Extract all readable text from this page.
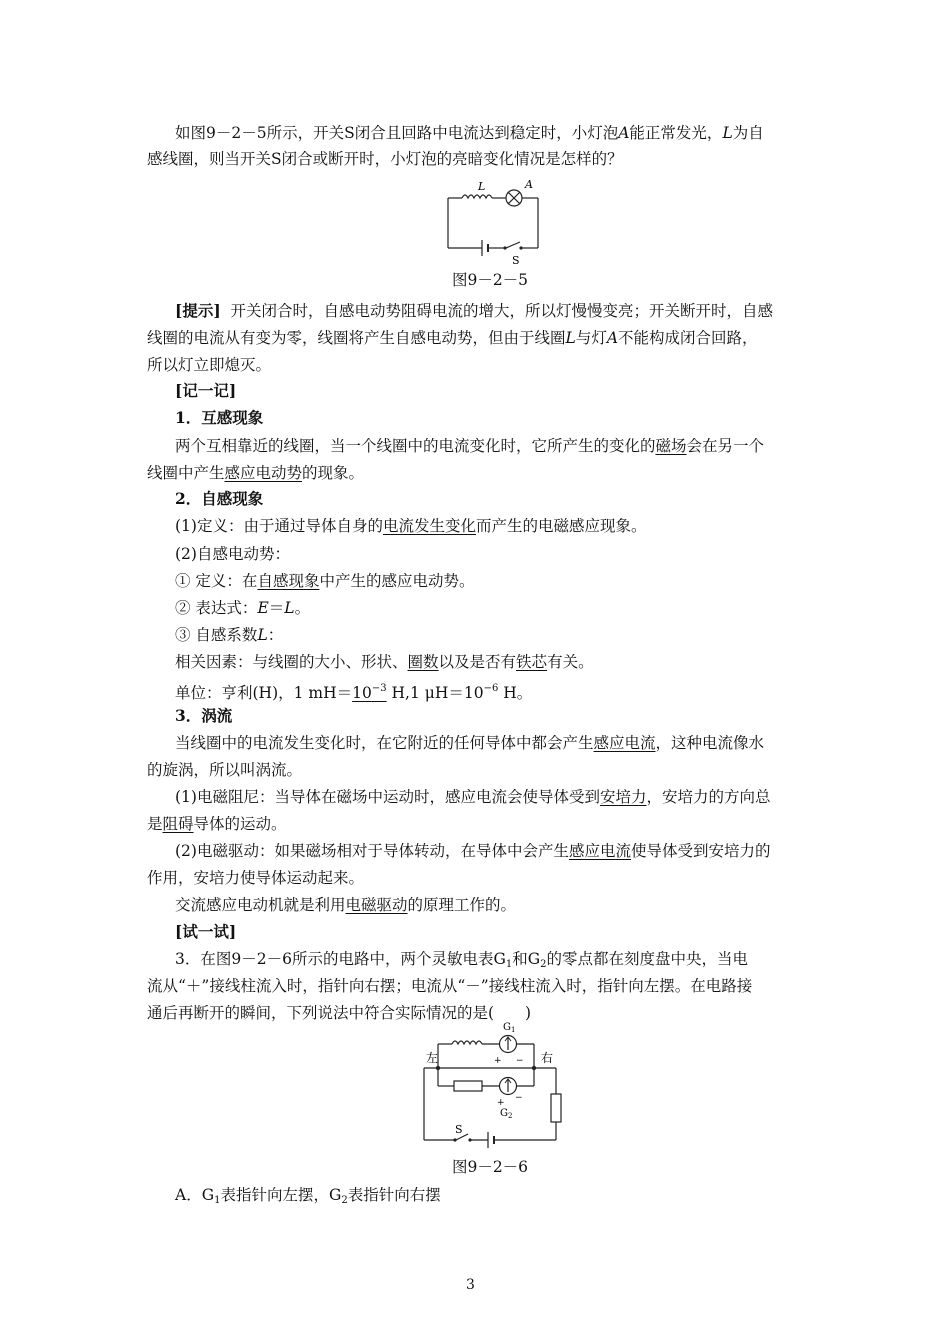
如图9－2－5所示，开关S闭合且回路中电流达到稳定时，小灯泡A能正常发光，L为自
感线圈，则当开关S闭合或断开时，小灯泡的亮暗变化情况是怎样的？
L	A
S
图9－2－5
[提示] 开关闭合时，自感电动势阻碍电流的增大，所以灯慢慢变亮；开关断开时，自感
线圈的电流从有变为零，线圈将产生自感电动势，但由于线圈L与灯A不能构成闭合回路，
所以灯立即熄灭。
[记一记]
1．互感现象
两个互相靠近的线圈，当一个线圈中的电流变化时，它所产生的变化的磁场会在另一个
线圈中产生感应电动势的现象。
2．自感现象
(1)定义：由于通过导体自身的电流发生变化而产生的电磁感应现象。
(2)自感电动势：
① 定义：在自感现象中产生的感应电动势。
② 表达式：E＝L。
③ 自感系数L：
相关因素：与线圈的大小、形状、圈数以及是否有铁芯有关。
单位：亨利(H)，1 $mH=10^{-3}$ H,1 $\mu H=10^{-6}$ H。
3．涡流
当线圈中的电流发生变化时，在它附近的任何导体中都会产生感应电流，这种电流像水
的旋涡，所以叫涡流。
(1)电磁阻尼：当导体在磁场中运动时，感应电流会使导体受到安培力，安培力的方向总
是阻碍导体的运动。
(2)电磁驱动：如果磁场相对于导体转动，在导体中会产生感应电流使导体受到安培力的
作用，安培力使导体运动起来。
交流感应电动机就是利用电磁驱动的原理工作的。
[试一试]
3．在图9－2－6所示的电路中，两个灵敏电表$G_1$和$G_2$的零点都在刻度盘中央，当电
流从“＋”接线柱流入时，指针向右摆；电流从“－”接线柱流入时，指针向左摆。在电路接
通后再断开的瞬间，下列说法中符合实际情况的是(　　)
左	右
$G_1$
+ −
+ −
$G_2$
S
图9－2－6
A．$G_1$表指针向左摆，$G_2$表指针向右摆
3
